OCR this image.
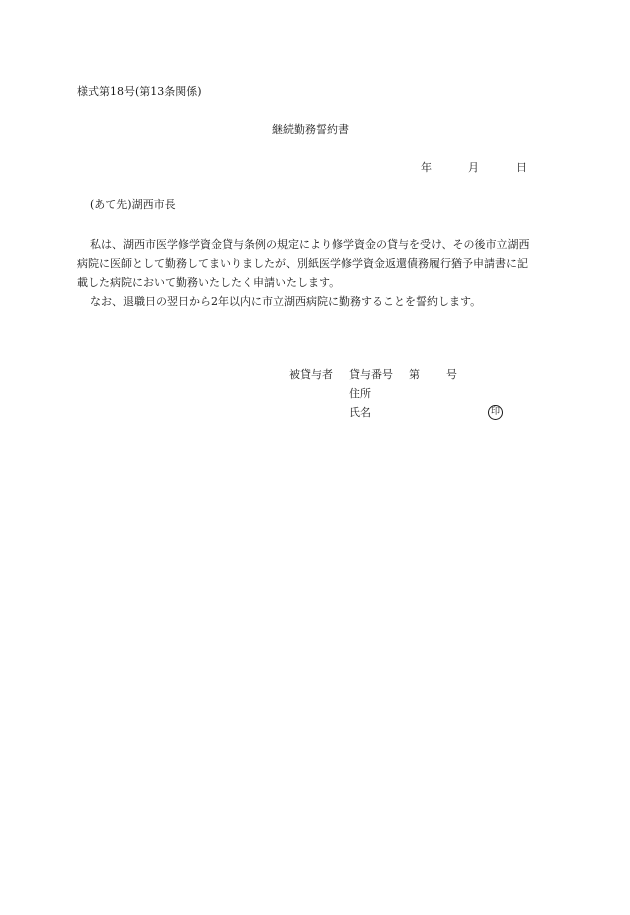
様式第18号(第13条関係)
継続勤務誓約書
年	月	日
(あて先)湖西市長

私は、湖西市医学修学資金貸与条例の規定により修学資金の貸与を受け、その後市立湖西病院に医師として勤務してまいりましたが、別紙医学修学資金返還債務履行猶予申請書に記載した病院において勤務いたしたく申請いたします。

なお、退職日の翌日から2年以内に市立湖西病院に勤務することを誓約します。

被貸与者 貸与番号 第 号
住所
氏名	印
